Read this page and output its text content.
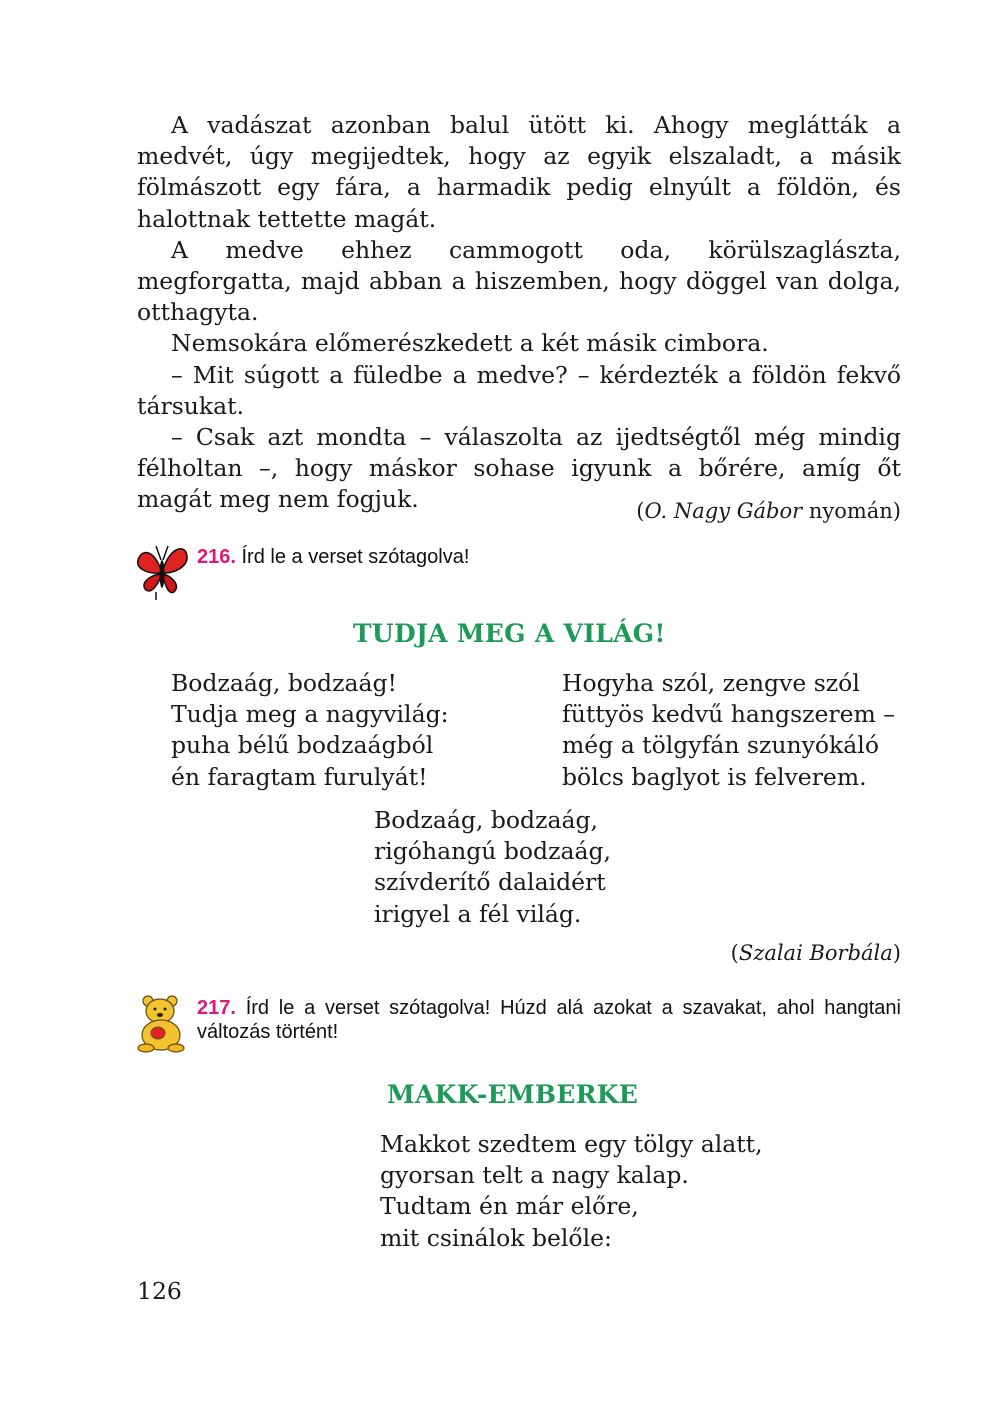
A vadászat azonban balul ütött ki. Ahogy meglátták a medvét, úgy megijedtek, hogy az egyik elszaladt, a másik fölmászott egy fára, a harmadik pedig elnyúlt a földön, és halottnak tettette magát.

A medve ehhez cammogott oda, körülszaglászta, megforgatta, majd abban a hiszemben, hogy döggel van dolga, otthagyta.

Nemsokára előmerészkedett a két másik cimbora.

– Mit súgott a füledbe a medve? – kérdezték a földön fekvő társukat.

– Csak azt mondta – válaszolta az ijedtségtől még mindig félholtan –, hogy máskor sohase igyunk a bőrére, amíg őt magát meg nem fogjuk.	(O. Nagy Gábor nyomán)
216. Írd le a verset szótagolva!
TUDJA MEG A VILÁG!
Bodzaág, bodzaág!
Tudja meg a nagyvilág:
puha bélű bodzaágból
én faragtam furulyát!
Hogyha szól, zengve szól
füttyös kedvű hangszerem –
még a tölgyfán szunyókáló
bölcs baglyot is felverem.
Bodzaág, bodzaág,
rigóhangú bodzaág,
szívderítő dalaidért
irigyel a fél világ.
(Szalai Borbála)
217. Írd le a verset szótagolva! Húzd alá azokat a szavakat, ahol hangtani változás történt!
MAKK-EMBERKE
Makkot szedtem egy tölgy alatt,
gyorsan telt a nagy kalap.
Tudtam én már előre,
mit csinálok belőle:
126
